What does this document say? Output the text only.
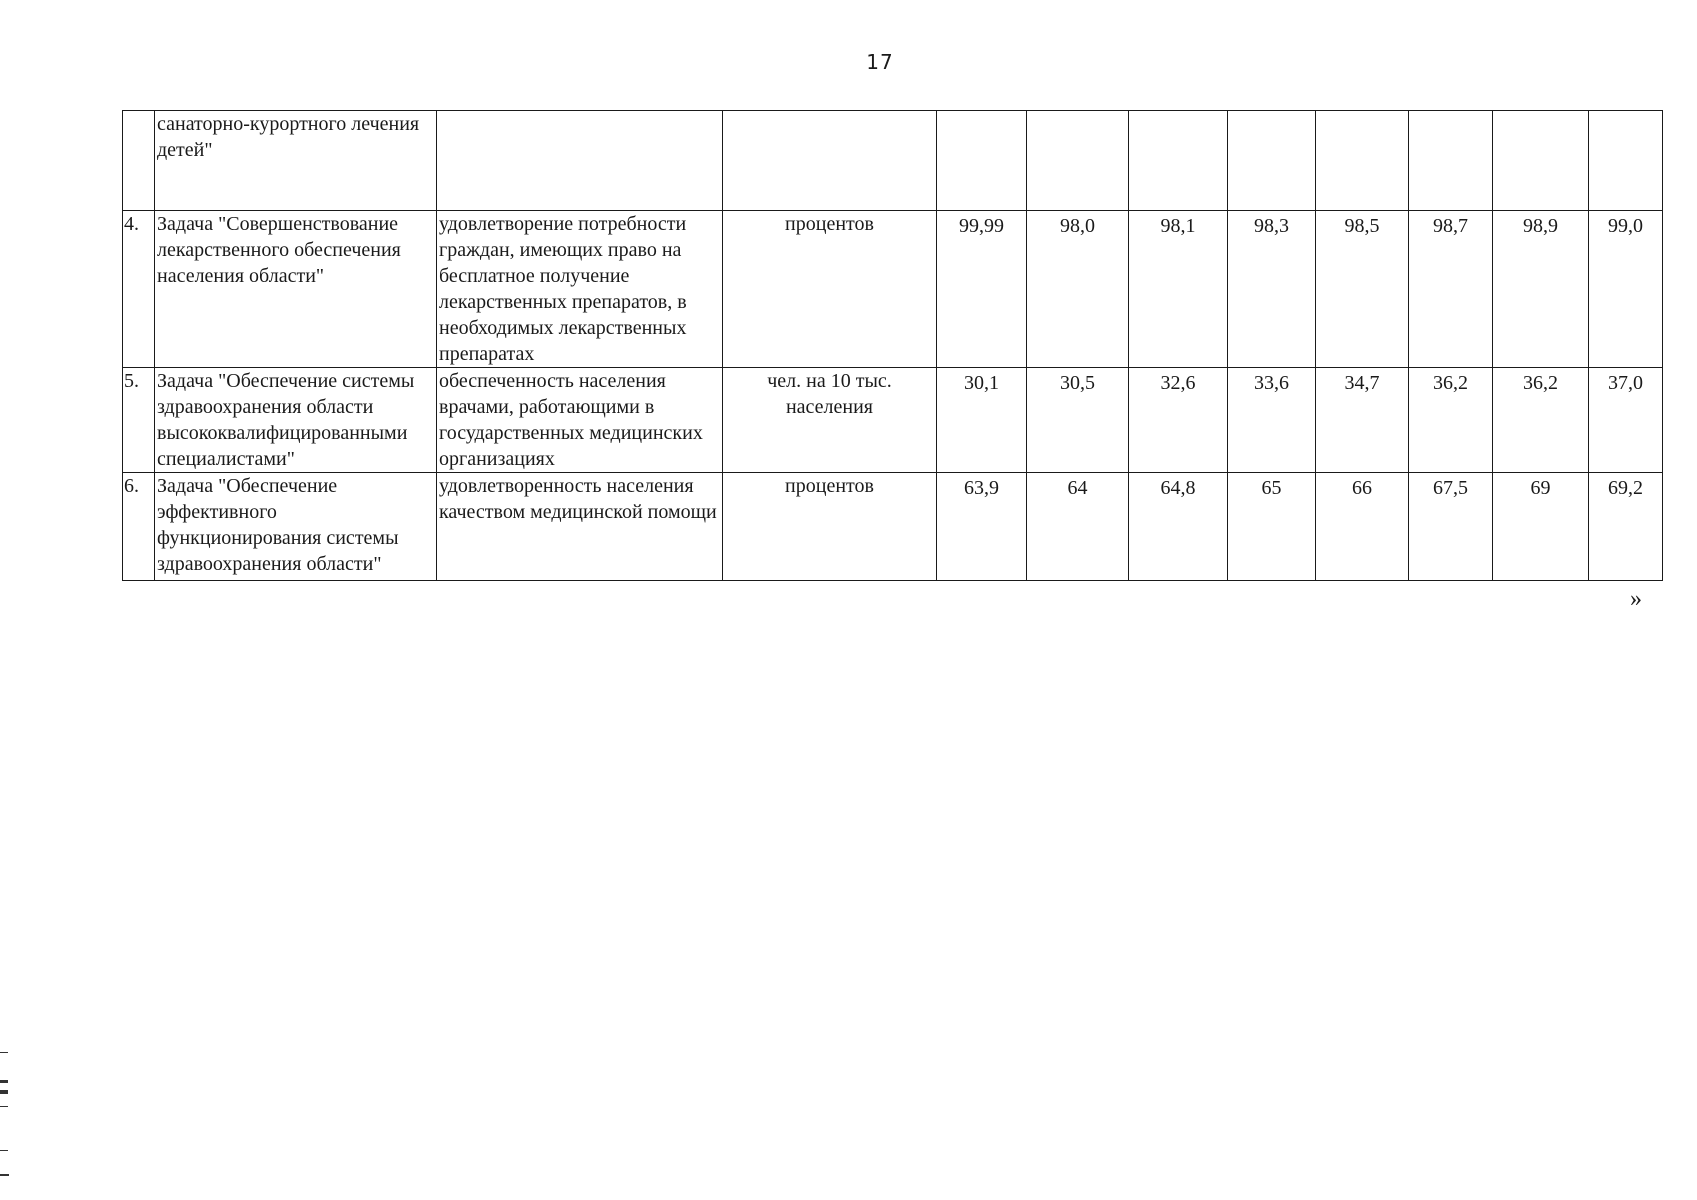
17
	санаторно-курортного лечения детей"										
4.	Задача "Совершенствование лекарственного обеспечения населения области"	удовлетворение потребности граждан, имеющих право на бесплатное получение лекарственных препаратов, в необходимых лекарственных препаратах	процентов	99,99	98,0	98,1	98,3	98,5	98,7	98,9	99,0
5.	Задача "Обеспечение системы здравоохранения области высококвалифицированными специалистами"	обеспеченность населения врачами, работающими в государственных медицинских организациях	чел. на 10 тыс. населения	30,1	30,5	32,6	33,6	34,7	36,2	36,2	37,0
6.	Задача "Обеспечение эффективного функционирования системы здравоохранения области"	удовлетворенность населения качеством медицинской помощи	процентов	63,9	64	64,8	65	66	67,5	69	69,2
»
